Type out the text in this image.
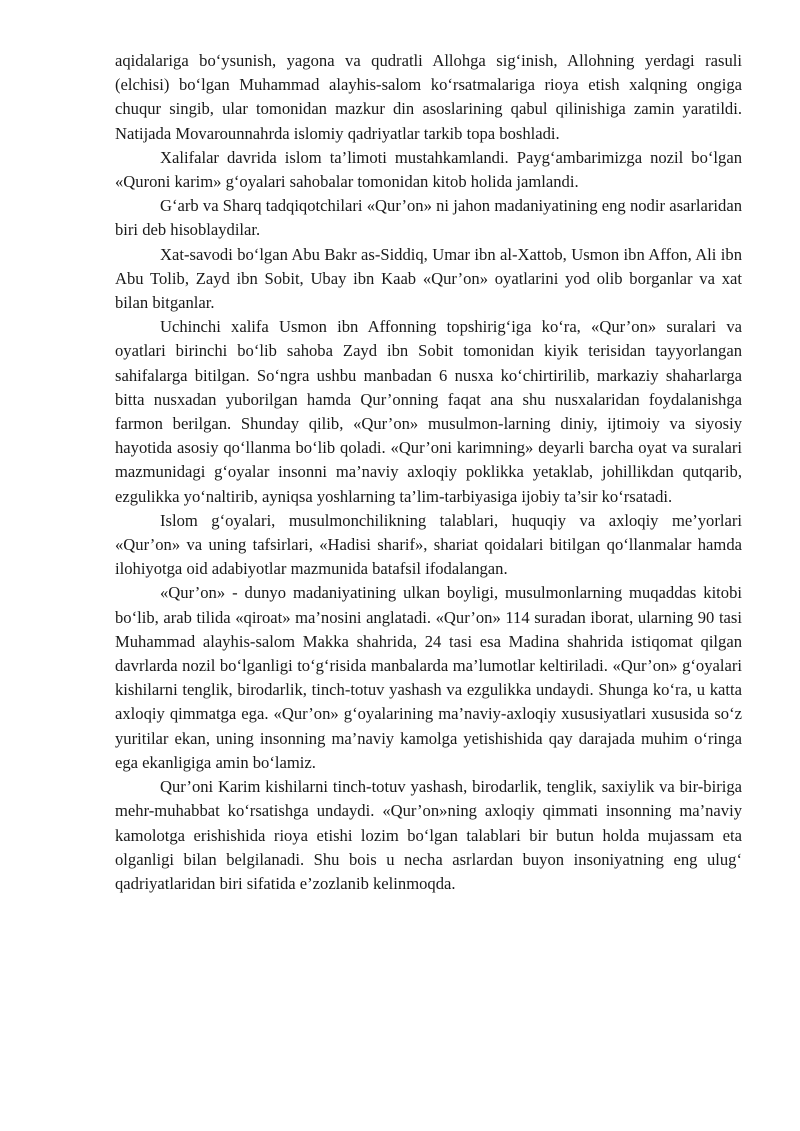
aqidalariga bo‘ysunish, yagona va qudratli Allohga sig‘inish, Allohning yerdagi rasuli (elchisi) bo‘lgan Muhammad alayhis-salom ko‘rsatmalariga rioya etish xalqning ongiga chuqur singib, ular tomonidan mazkur din asoslarining qabul qilinishiga zamin yaratildi. Natijada Movarounnahrda islomiy qadriyatlar tarkib topa boshladi.

Xalifalar davrida islom ta’limoti mustahkamlandi. Payg‘ambarimizga nozil bo‘lgan «Quroni karim» g‘oyalari sahobalar tomonidan kitob holida jamlandi.

G‘arb va Sharq tadqiqotchilari «Qur’on» ni jahon madaniyatining eng nodir asarlaridan biri deb hisoblaydilar.

Xat-savodi bo‘lgan Abu Bakr as-Siddiq, Umar ibn al-Xattob, Usmon ibn Affon, Ali ibn Abu Tolib, Zayd ibn Sobit, Ubay ibn Kaab «Qur’on» oyatlarini yod olib borganlar va xat bilan bitganlar.

Uchinchi xalifa Usmon ibn Affonning topshirig‘iga ko‘ra, «Qur’on» suralari va oyatlari birinchi bo‘lib sahoba Zayd ibn Sobit tomonidan kiyik terisidan tayyorlangan sahifalarga bitilgan. So‘ngra ushbu manbadan 6 nusxa ko‘chirtirilib, markaziy shaharlarga bitta nusxadan yuborilgan hamda Qur’onning faqat ana shu nusxalaridan foydalanishga farmon berilgan. Shunday qilib, «Qur’on» musulmon-larning diniy, ijtimoiy va siyosiy hayotida asosiy qo‘llanma bo‘lib qoladi. «Qur’oni karimning» deyarli barcha oyat va suralari mazmunidagi g‘oyalar insonni ma’naviy axloqiy poklikka yetaklab, johillikdan qutqarib, ezgulikka yo‘naltirib, ayniqsa yoshlarning ta’lim-tarbiyasiga ijobiy ta’sir ko‘rsatadi.

Islom g‘oyalari, musulmonchilikning talablari, huquqiy va axloqiy me’yorlari «Qur’on» va uning tafsirlari, «Hadisi sharif», shariat qoidalari bitilgan qo‘llanmalar hamda ilohiyotga oid adabiyotlar mazmunida batafsil ifodalangan.

«Qur’on» - dunyo madaniyatining ulkan boyligi, musulmonlarning muqaddas kitobi bo‘lib, arab tilida «qiroat» ma’nosini anglatadi. «Qur’on» 114 suradan iborat, ularning 90 tasi Muhammad alayhis-salom Makka shahrida, 24 tasi esa Madina shahrida istiqomat qilgan davrlarda nozil bo‘lganligi to‘g‘risida manbalarda ma’lumotlar keltiriladi. «Qur’on» g‘oyalari kishilarni tenglik, birodarlik, tinch-totuv yashash va ezgulikka undaydi. Shunga ko‘ra, u katta axloqiy qimmatga ega. «Qur’on» g‘oyalarining ma’naviy-axloqiy xususiyatlari xususida so‘z yuritilar ekan, uning insonning ma’naviy kamolga yetishishida qay darajada muhim o‘ringa ega ekanligiga amin bo‘lamiz.

Qur’oni Karim kishilarni tinch-totuv yashash, birodarlik, tenglik, saxiylik va bir-biriga mehr-muhabbat ko‘rsatishga undaydi. «Qur’on»ning axloqiy qimmati insonning ma’naviy kamolotga erishishida rioya etishi lozim bo‘lgan talablari bir butun holda mujassam eta olganligi bilan belgilanadi. Shu bois u necha asrlardan buyon insoniyatning eng ulug‘ qadriyatlaridan biri sifatida e’zozlanib kelinmoqda.
